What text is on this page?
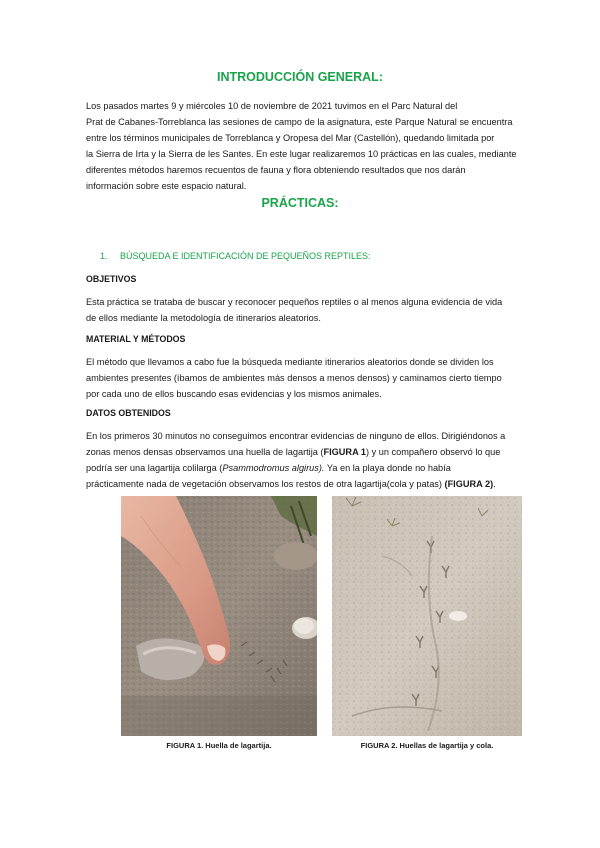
INTRODUCCIÓN GENERAL:

Los pasados martes 9 y miércoles 10 de noviembre de 2021 tuvimos en el Parc Natural del

Prat de Cabanes-Torreblanca las sesiones de campo de la asignatura, este Parque Natural se encuentra

entre los términos municipales de Torreblanca y Oropesa del Mar (Castellón), quedando limitada por

la Sierra de Irta y la Sierra de les Santes. En este lugar realizaremos 10 prácticas en las cuales, mediante

diferentes métodos haremos recuentos de fauna y flora obteniendo resultados que nos darán

información sobre este espacio natural.

PRÁCTICAS:

1. BÚSQUEDA E IDENTIFICACIÓN DE PEQUEÑOS REPTILES:

OBJETIVOS

Esta práctica se trataba de buscar y reconocer pequeños reptiles o al menos alguna evidencia de vida

de ellos mediante la metodología de itinerarios aleatorios.

MATERIAL Y MÉTODOS

El método que llevamos a cabo fue la búsqueda mediante itinerarios aleatorios donde se dividen los

ambientes presentes (íbamos de ambientes más densos a menos densos) y caminamos cierto tiempo

por cada uno de ellos buscando esas evidencias y los mismos animales.

DATOS OBTENIDOS

En los primeros 30 minutos no conseguimos encontrar evidencias de ninguno de ellos. Dirigiéndonos a

zonas menos densas observamos una huella de lagartija (FIGURA 1) y un compañero observó lo que

podría ser una lagartija colilarga (Psammodromus algirus). Ya en la playa donde no había

prácticamente nada de vegetación observamos los restos de otra lagartija(cola y patas) (FIGURA 2).

FIGURA 1. Huella de lagartija.	FIGURA 2. Huellas de lagartija y cola.
